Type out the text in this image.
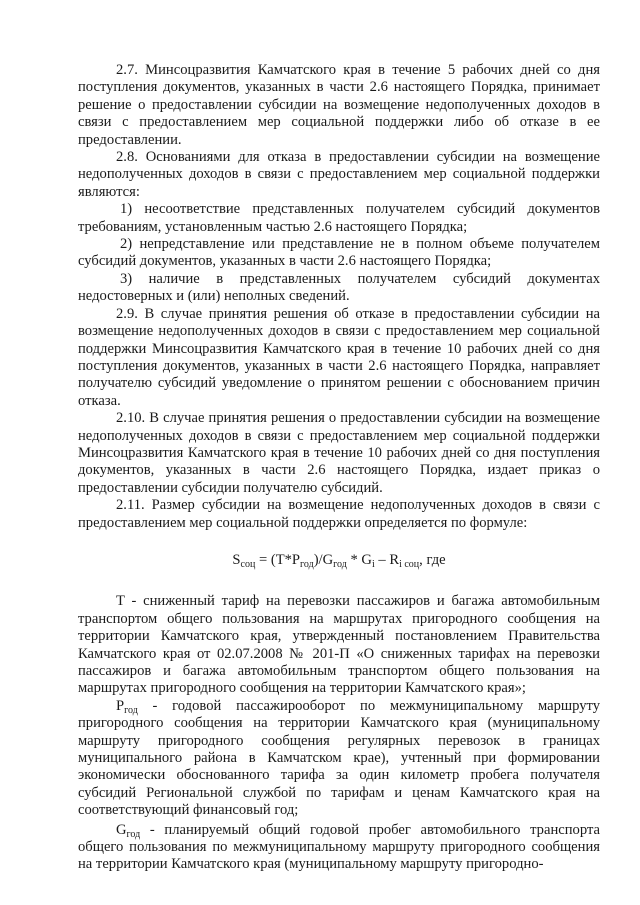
2.7. Минсоцразвития Камчатского края в течение 5 рабочих дней со дня поступления документов, указанных в части 2.6 настоящего Порядка, принимает решение о предоставлении субсидии на возмещение недополученных доходов в связи с предоставлением мер социальной поддержки либо об отказе в ее предоставлении.

2.8. Основаниями для отказа в предоставлении субсидии на возмещение недополученных доходов в связи с предоставлением мер социальной поддержки являются:

1) несоответствие представленных получателем субсидий документов требованиям, установленным частью 2.6 настоящего Порядка;

2) непредставление или представление не в полном объеме получателем субсидий документов, указанных в части 2.6 настоящего Порядка;

3) наличие в представленных получателем субсидий документах недостоверных и (или) неполных сведений.

2.9. В случае принятия решения об отказе в предоставлении субсидии на возмещение недополученных доходов в связи с предоставлением мер социальной поддержки Минсоцразвития Камчатского края в течение 10 рабочих дней со дня поступления документов, указанных в части 2.6 настоящего Порядка, направляет получателю субсидий уведомление о принятом решении с обоснованием причин отказа.

2.10. В случае принятия решения о предоставлении субсидии на возмещение недополученных доходов в связи с предоставлением мер социальной поддержки Минсоцразвития Камчатского края в течение 10 рабочих дней со дня поступления документов, указанных в части 2.6 настоящего Порядка, издает приказ о предоставлении субсидии получателю субсидий.

2.11. Размер субсидии на возмещение недополученных доходов в связи с предоставлением мер социальной поддержки определяется по формуле:

$S_{соц} = (T*P_{год})/G_{год} * G_i - R_{i соц}$, где

T - сниженный тариф на перевозки пассажиров и багажа автомобильным транспортом общего пользования на маршрутах пригородного сообщения на территории Камчатского края, утвержденный постановлением Правительства Камчатского края от 02.07.2008 № 201-П «О сниженных тарифах на перевозки пассажиров и багажа автомобильным транспортом общего пользования на маршрутах пригородного сообщения на территории Камчатского края»;

$P_{год}$ - годовой пассажирооборот по межмуниципальному маршруту пригородного сообщения на территории Камчатского края (муниципальному маршруту пригородного сообщения регулярных перевозок в границах муниципального района в Камчатском крае), учтенный при формировании экономически обоснованного тарифа за один километр пробега получателя субсидий Региональной службой по тарифам и ценам Камчатского края на соответствующий финансовый год;

$G_{год}$ - планируемый общий годовой пробег автомобильного транспорта общего пользования по межмуниципальному маршруту пригородного сообщения на территории Камчатского края (муниципальному маршруту пригородно-
